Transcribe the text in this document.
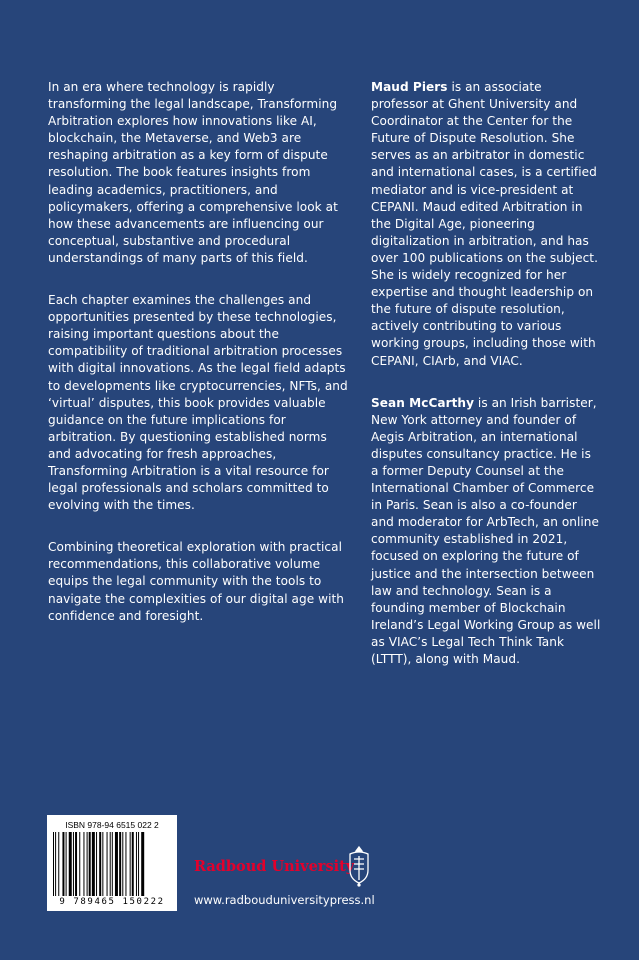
In an era where technology is rapidly transforming the legal landscape, Transforming Arbitration explores how innovations like AI, blockchain, the Metaverse, and Web3 are reshaping arbitration as a key form of dispute resolution. The book features insights from leading academics, practitioners, and policymakers, offering a comprehensive look at how these advancements are influencing our conceptual, substantive and procedural understandings of many parts of this field.

Each chapter examines the challenges and opportunities presented by these technologies, raising important questions about the compatibility of traditional arbitration processes with digital innovations. As the legal field adapts to developments like cryptocurrencies, NFTs, and ‘virtual’ disputes, this book provides valuable guidance on the future implications for arbitration. By questioning established norms and advocating for fresh approaches, Transforming Arbitration is a vital resource for legal professionals and scholars committed to evolving with the times.

Combining theoretical exploration with practical recommendations, this collaborative volume equips the legal community with the tools to navigate the complexities of our digital age with confidence and foresight.

Maud Piers is an associate professor at Ghent University and Coordinator at the Center for the Future of Dispute Resolution. She serves as an arbitrator in domestic and international cases, is a certified mediator and is vice-president at CEPANI. Maud edited Arbitration in the Digital Age, pioneering digitalization in arbitration, and has over 100 publications on the subject. She is widely recognized for her expertise and thought leadership on the future of dispute resolution, actively contributing to various working groups, including those with CEPANI, CIArb, and VIAC.

Sean McCarthy is an Irish barrister, New York attorney and founder of Aegis Arbitration, an international disputes consultancy practice. He is a former Deputy Counsel at the International Chamber of Commerce in Paris. Sean is also a co-founder and moderator for ArbTech, an online community established in 2021, focused on exploring the future of justice and the intersection between law and technology. Sean is a founding member of Blockchain Ireland’s Legal Working Group as well as VIAC’s Legal Tech Think Tank (LTTT), along with Maud.

ISBN 978-94 6515 022 2
9 789465 150222
Radboud University
www.radbouduniversitypress.nl
